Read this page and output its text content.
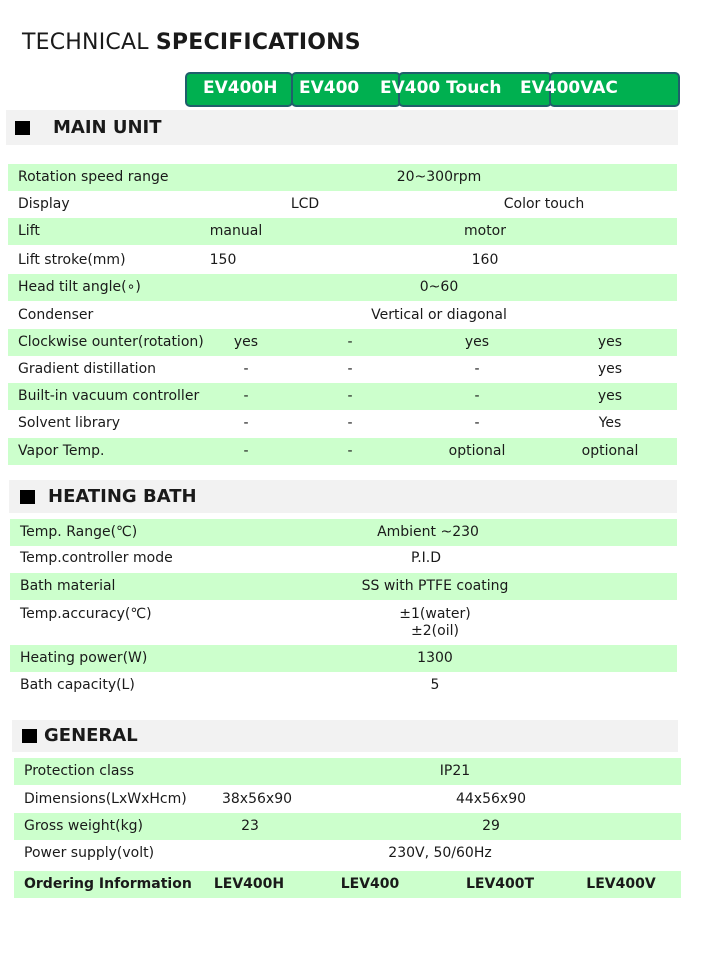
TECHNICAL SPECIFICATIONS
EV400H EV400 EV400 Touch EV400VAC
MAIN UNIT
Rotation speed range	20~300rpm
Display	LCD	Color touch
Lift	manual	motor
Lift stroke(mm)	150	160
Head tilt angle(∘)	0~60
Condenser	Vertical or diagonal
Clockwise ounter(rotation) yes	-	yes	yes
Gradient distillation	-	-	-	yes
Built-in vacuum controller	-	-	-	yes
Solvent library	-	-	-	Yes
Vapor Temp.	-	-	optional	optional
HEATING BATH
Temp. Range(℃)	Ambient ~230
Temp.controller mode	P.I.D
Bath material	SS with PTFE coating
Temp.accuracy(℃)	±1(water)
±2(oil)
Heating power(W)	1300
Bath capacity(L)	5
GENERAL
Protection class	IP21
Dimensions(LxWxHcm)	38x56x90	44x56x90
Gross weight(kg)	23	29
Power supply(volt)	230V, 50/60Hz
Ordering Information LEV400H	LEV400	LEV400T	LEV400V
